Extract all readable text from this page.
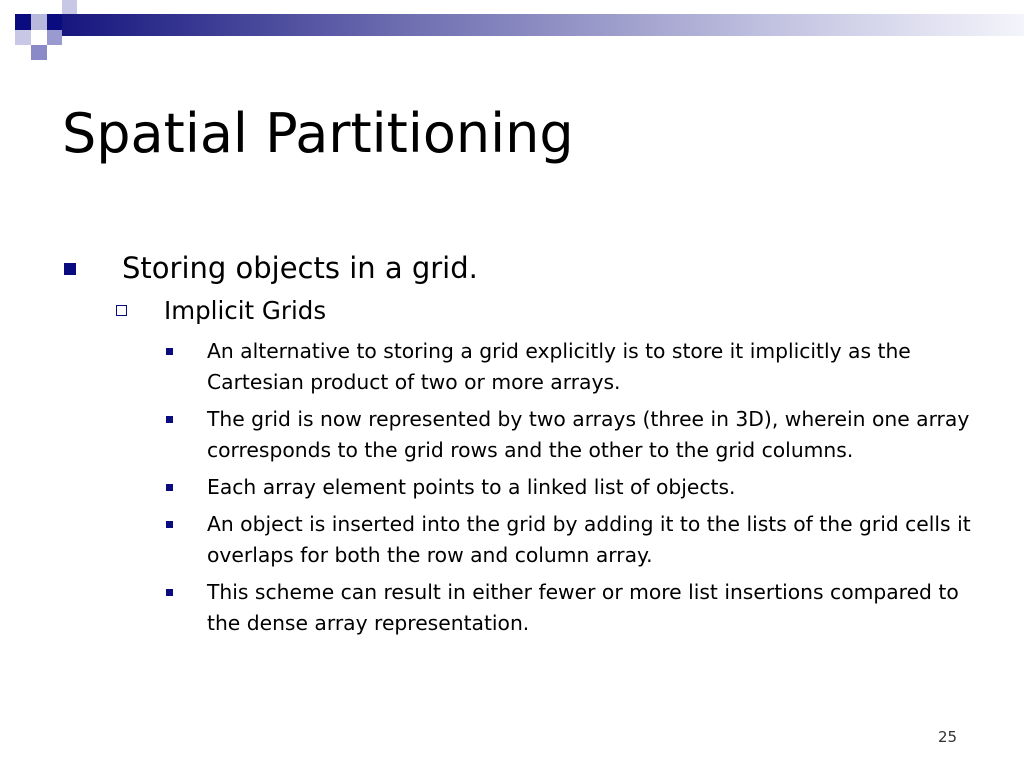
Spatial Partitioning
Storing objects in a grid.
Implicit Grids
An alternative to storing a grid explicitly is to store it implicitly as the Cartesian product of two or more arrays.
The grid is now represented by two arrays (three in 3D), wherein one array corresponds to the grid rows and the other to the grid columns.
Each array element points to a linked list of objects.
An object is inserted into the grid by adding it to the lists of the grid cells it overlaps for both the row and column array.
This scheme can result in either fewer or more list insertions compared to the dense array representation.
25
